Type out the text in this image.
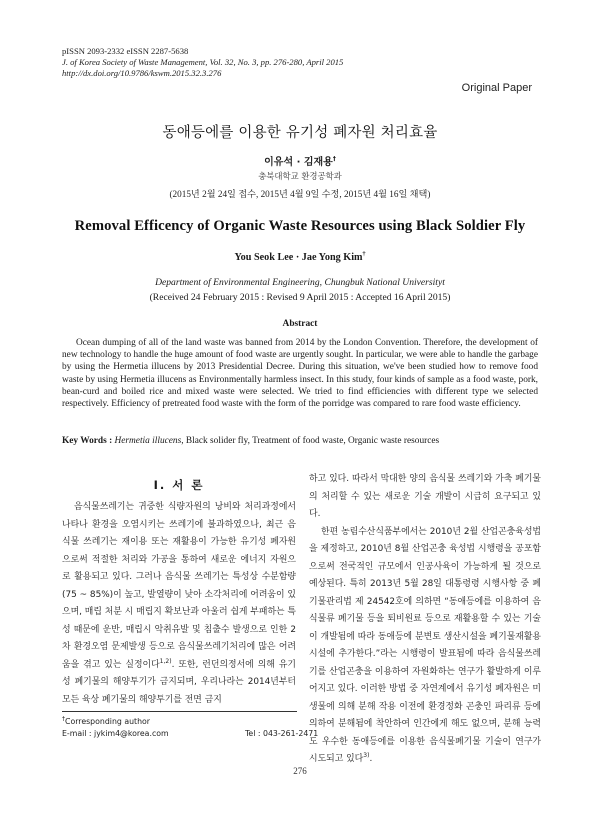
pISSN 2093-2332 eISSN 2287-5638
J. of Korea Society of Waste Management, Vol. 32, No. 3, pp. 276-280, April 2015
http://dx.doi.org/10.9786/kswm.2015.32.3.276
Original Paper
동애등에를 이용한 유기성 폐자원 처리효율
이유석 · 김재용†
충북대학교 환경공학과
(2015년 2월 24일 접수, 2015년 4월 9일 수정, 2015년 4월 16일 채택)
Removal Efficency of Organic Waste Resources using Black Soldier Fly
You Seok Lee · Jae Yong Kim†
Department of Environmental Engineering, Chungbuk National Universityt
(Received 24 February 2015 : Revised 9 April 2015 : Accepted 16 April 2015)
Abstract

Ocean dumping of all of the land waste was banned from 2014 by the London Convention. Therefore, the development of new technology to handle the huge amount of food waste are urgently sought. In particular, we were able to handle the garbage by using the Hermetia illucens by 2013 Presidential Decree. During this situation, we've been studied how to remove food waste by using Hermetia illucens as Environmentally harmless insect. In this study, four kinds of sample as a food waste, pork, bean-curd and boiled rice and mixed waste were selected. We tried to find efficiencies with different type we selected respectively. Efficiency of pretreated food waste with the form of the porridge was compared to rare food waste efficiency.

Key Words : Hermetia illucens, Black solider fly, Treatment of food waste, Organic waste resources
I. 서 론

음식물쓰레기는 귀중한 식량자원의 낭비와 처리과정에서 나타나 환경을 오염시키는 쓰레기에 불과하였으나, 최근 음식물 쓰레기는 재이용 또는 재활용이 가능한 유기성 폐자원으로써 적절한 처리와 가공을 통하여 새로운 에너지 자원으로 활용되고 있다. 그러나 음식물 쓰레기는 특성상 수분함량(75 ~ 85%)이 높고, 발열량이 낮아 소각처리에 어려움이 있으며, 매립 처분 시 매립지 확보난과 아울러 쉽게 부패하는 특성 때문에 운반, 매립시 악취유발 및 침출수 발생으로 인한 2차 환경오염 문제발생 등으로 음식물쓰레기처리에 많은 어려움을 겪고 있는 실정이다$^{1,2)}$. 또한, 런던의정서에 의해 유기성 폐기물의 해양투기가 금지되며, 우리나라는 2014년부터 모든 육상 폐기물의 해양투기를 전면 금지

하고 있다. 따라서 막대한 양의 음식물 쓰레기와 가축 폐기물의 처리할 수 있는 새로운 기술 개발이 시급히 요구되고 있다.

한편 농림수산식품부에서는 2010년 2월 산업곤충육성법을 제정하고, 2010년 8월 산업곤충 육성법 시행령을 공포함으로써 전국적인 규모에서 인공사육이 가능하게 될 것으로 예상된다. 특히 2013년 5월 28일 대통령령 시행사항 중 폐기물관리법 제 24542호에 의하면 “동애등에를 이용하여 음식물류 폐기물 등을 퇴비원료 등으로 재활용할 수 있는 기술이 개발됨에 따라 동애등에 분변토 생산시설을 폐기물재활용시설에 추가한다.”라는 시행령이 발표됨에 따라 음식물쓰레기를 산업곤충을 이용하여 자원화하는 연구가 활발하게 이루어지고 있다. 이러한 방법 중 자연계에서 유기성 폐자원은 미생물에 의해 분해 작용 이전에 환경정화 곤충인 파리류 등에 의하여 분해됨에 착안하여 인간에게 해도 없으며, 분해 능력도 우수한 동애등에를 이용한 음식물폐기물 기술이 연구가 시도되고 있다$^{3)}$.

†Corresponding author
E-mail : jykim4@korea.com	Tel : 043-261-2471
276
